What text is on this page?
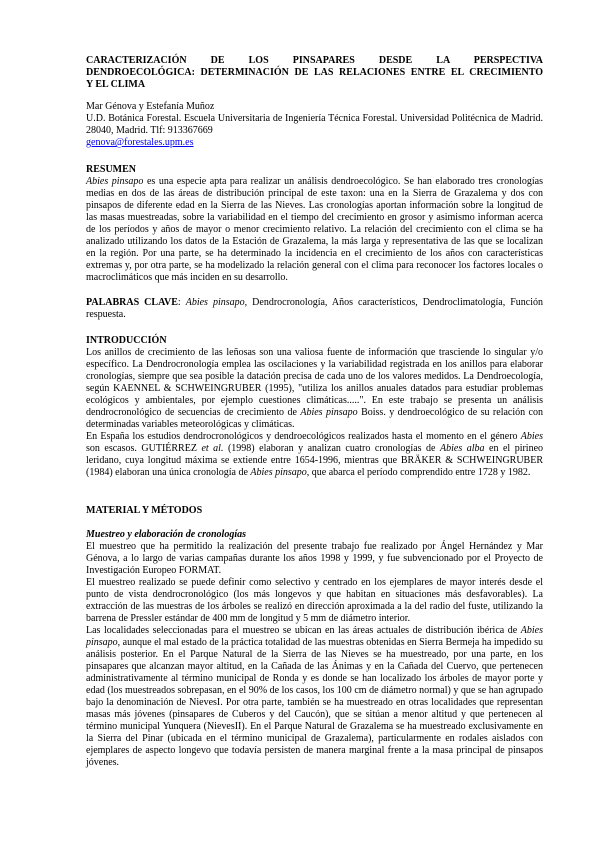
CARACTERIZACIÓN DE LOS PINSAPARES DESDE LA PERSPECTIVA
DENDROECOLÓGICA: DETERMINACIÓN DE LAS RELACIONES ENTRE EL CRECIMIENTO
Y EL CLIMA
Mar Génova y Estefanía Muñoz

U.D. Botánica Forestal. Escuela Universitaria de Ingeniería Técnica Forestal. Universidad Politécnica de Madrid. 28040, Madrid. Tlf: 913367669

genova@forestales.upm.es
RESUMEN

Abies pinsapo es una especie apta para realizar un análisis dendroecológico. Se han elaborado tres cronologías medias en dos de las áreas de distribución principal de este taxon: una en la Sierra de Grazalema y dos con pinsapos de diferente edad en la Sierra de las Nieves. Las cronologías aportan información sobre la longitud de las masas muestreadas, sobre la variabilidad en el tiempo del crecimiento en grosor y asimismo informan acerca de los períodos y años de mayor o menor crecimiento relativo. La relación del crecimiento con el clima se ha analizado utilizando los datos de la Estación de Grazalema, la más larga y representativa de las que se localizan en la región. Por una parte, se ha determinado la incidencia en el crecimiento de los años con características extremas y, por otra parte, se ha modelizado la relación general con el clima para reconocer los factores locales o macroclimáticos que más inciden en su desarrollo.

PALABRAS CLAVE: Abies pinsapo, Dendrocronología, Años característicos, Dendroclimatología, Función respuesta.

INTRODUCCIÓN

Los anillos de crecimiento de las leñosas son una valiosa fuente de información que trasciende lo singular y/o específico. La Dendrocronología emplea las oscilaciones y la variabilidad registrada en los anillos para elaborar cronologías, siempre que sea posible la datación precisa de cada uno de los valores medidos. La Dendroecología, según KAENNEL & SCHWEINGRUBER (1995), "utiliza los anillos anuales datados para estudiar problemas ecológicos y ambientales, por ejemplo cuestiones climáticas.....". En este trabajo se presenta un análisis dendrocronológico de secuencias de crecimiento de Abies pinsapo Boiss. y dendroecológico de su relación con determinadas variables meteorológicas y climáticas.

En España los estudios dendrocronológicos y dendroecológicos realizados hasta el momento en el género Abies son escasos. GUTIÉRREZ et al. (1998) elaboran y analizan cuatro cronologías de Abies alba en el pirineo leridano, cuya longitud máxima se extiende entre 1654-1996, mientras que BRÄKER & SCHWEINGRUBER (1984) elaboran una única cronología de Abies pinsapo, que abarca el período comprendido entre 1728 y 1982.

MATERIAL Y MÉTODOS
Muestreo y elaboración de cronologías

El muestreo que ha permitido la realización del presente trabajo fue realizado por Ángel Hernández y Mar Génova, a lo largo de varias campañas durante los años 1998 y 1999, y fue subvencionado por el Proyecto de Investigación Europeo FORMAT.

El muestreo realizado se puede definir como selectivo y centrado en los ejemplares de mayor interés desde el punto de vista dendrocronológico (los más longevos y que habitan en situaciones más desfavorables). La extracción de las muestras de los árboles se realizó en dirección aproximada a la del radio del fuste, utilizando la barrena de Pressler estándar de 400 mm de longitud y 5 mm de diámetro interior.

Las localidades seleccionadas para el muestreo se ubican en las áreas actuales de distribución ibérica de Abies pinsapo, aunque el mal estado de la práctica totalidad de las muestras obtenidas en Sierra Bermeja ha impedido su análisis posterior. En el Parque Natural de la Sierra de las Nieves se ha muestreado, por una parte, en los pinsapares que alcanzan mayor altitud, en la Cañada de las Ánimas y en la Cañada del Cuervo, que pertenecen administrativamente al término municipal de Ronda y es donde se han localizado los árboles de mayor porte y edad (los muestreados sobrepasan, en el 90% de los casos, los 100 cm de diámetro normal) y que se han agrupado bajo la denominación de NievesI. Por otra parte, también se ha muestreado en otras localidades que representan masas más jóvenes (pinsapares de Cuberos y del Caucón), que se sitúan a menor altitud y que pertenecen al término municipal Yunquera (NievesII). En el Parque Natural de Grazalema se ha muestreado exclusivamente en la Sierra del Pinar (ubicada en el término municipal de Grazalema), particularmente en rodales aislados con ejemplares de aspecto longevo que todavía persisten de manera marginal frente a la masa principal de pinsapos jóvenes.
